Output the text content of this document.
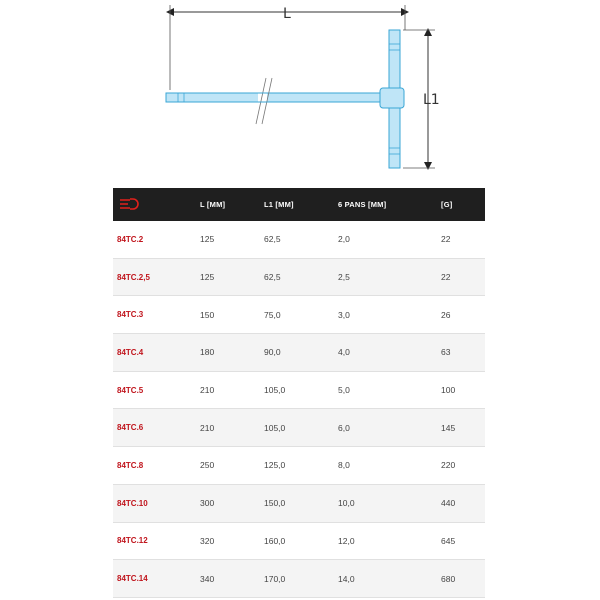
L
L1
	L [MM]	L1 [MM]	6 PANS [MM]	[G]
84TC.2	125	62,5	2,0	22
84TC.2,5	125	62,5	2,5	22
84TC.3	150	75,0	3,0	26
84TC.4	180	90,0	4,0	63
84TC.5	210	105,0	5,0	100
84TC.6	210	105,0	6,0	145
84TC.8	250	125,0	8,0	220
84TC.10	300	150,0	10,0	440
84TC.12	320	160,0	12,0	645
84TC.14	340	170,0	14,0	680
